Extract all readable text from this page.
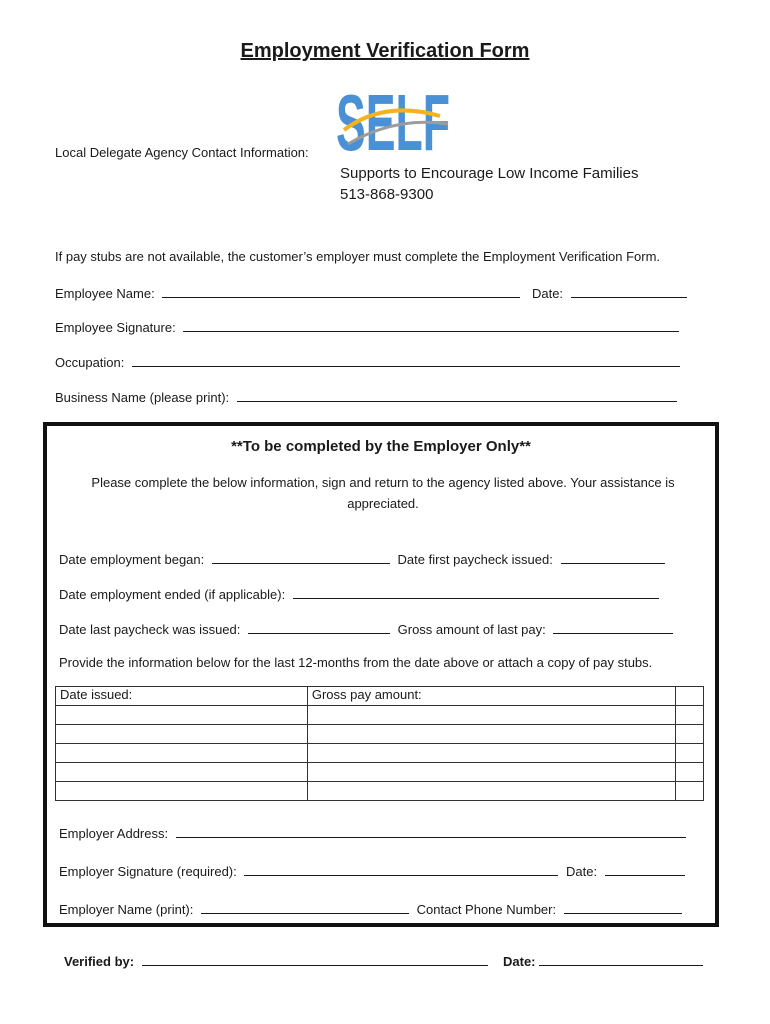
Employment Verification Form
SELF
Local Delegate Agency Contact Information:
Supports to Encourage Low Income Families
513-868-9300
If pay stubs are not available, the customer’s employer must complete the Employment Verification Form.
Employee Name:	Date:
Employee Signature:
Occupation:
Business Name (please print):
**To be completed by the Employer Only**
Please complete the below information, sign and return to the agency listed above. Your assistance is appreciated.
Date employment began:	Date first paycheck issued:
Date employment ended (if applicable):
Date last paycheck was issued:	Gross amount of last pay:
Provide the information below for the last 12-months from the date above or attach a copy of pay stubs.
Date issued:	Gross pay amount:	

Employer Address:
Employer Signature (required):	Date:
Employer Name (print):	Contact Phone Number:
Verified by:	Date:
